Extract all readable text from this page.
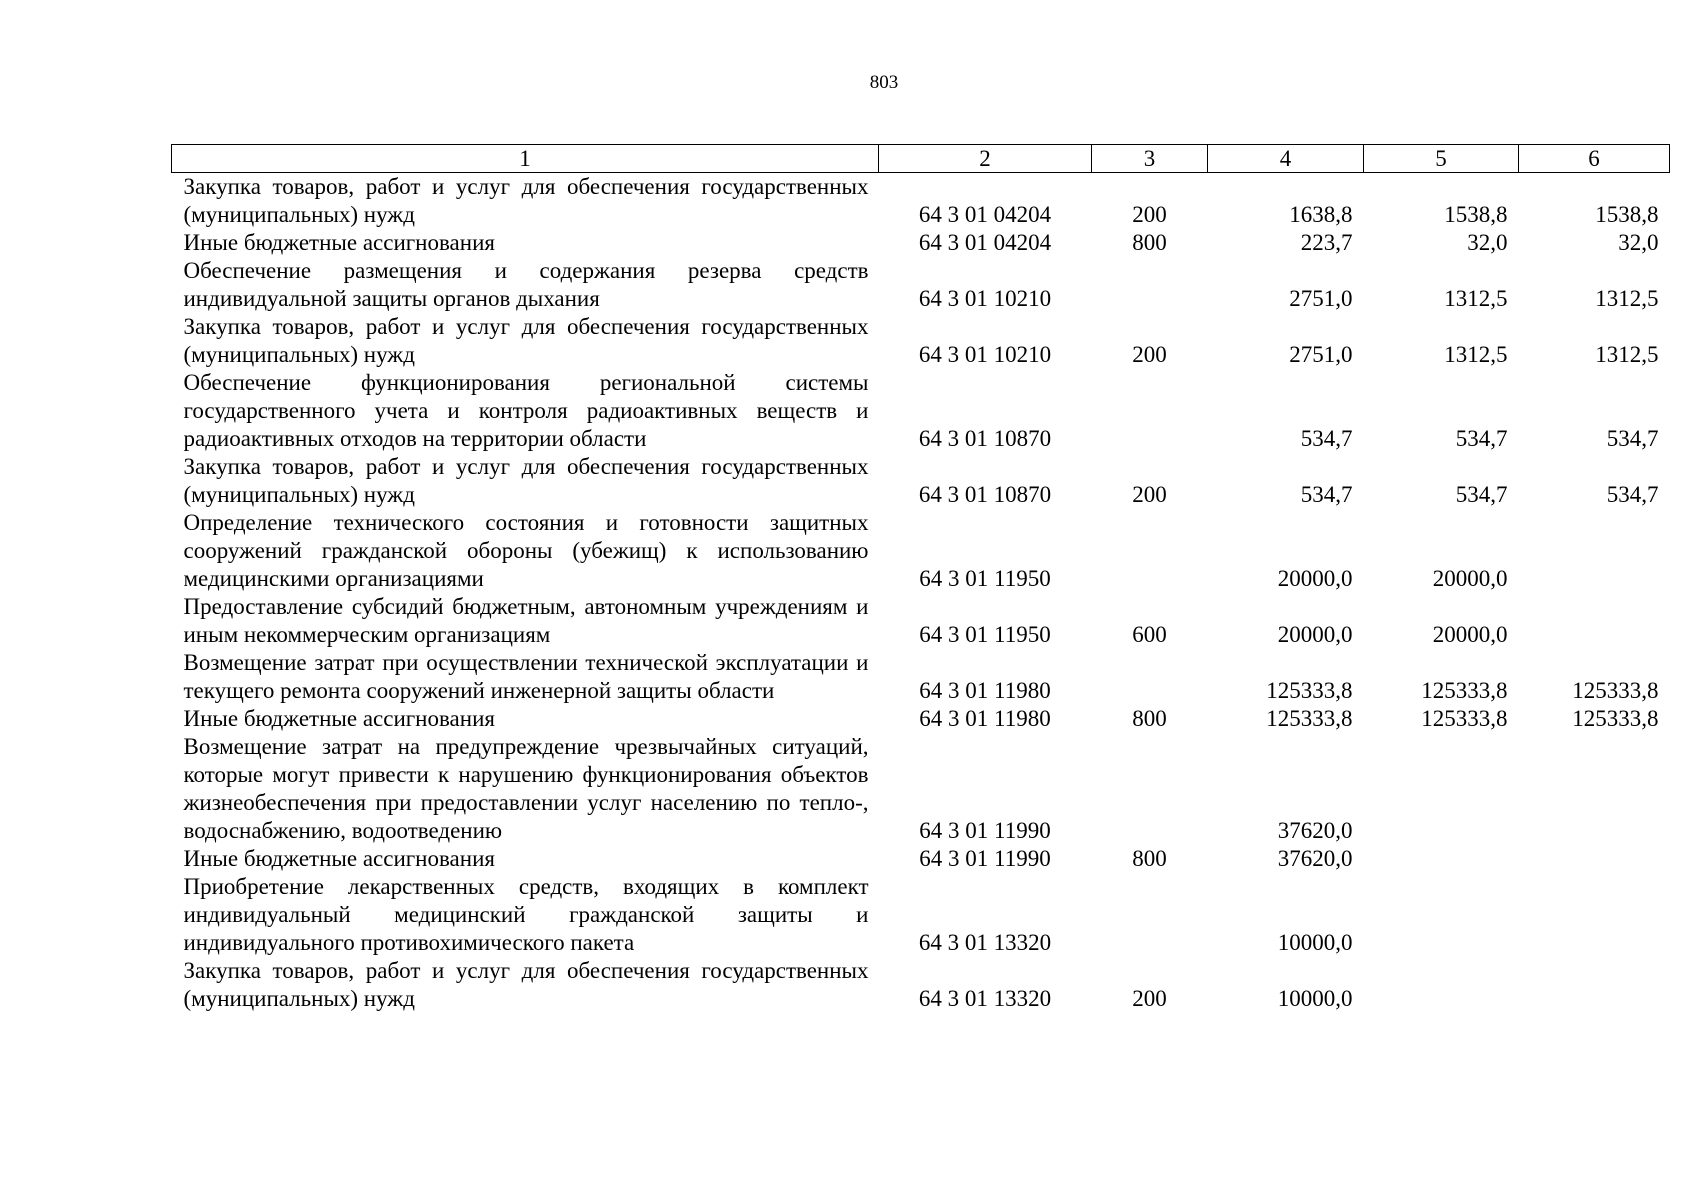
803
1	2	3	4	5	6
Закупка товаров, работ и услуг для обеспечения государственных (муниципальных) нужд	64 3 01 04204	200	1638,8	1538,8	1538,8
Иные бюджетные ассигнования	64 3 01 04204	800	223,7	32,0	32,0
Обеспечение размещения и содержания резерва средств индивидуальной защиты органов дыхания	64 3 01 10210		2751,0	1312,5	1312,5
Закупка товаров, работ и услуг для обеспечения государственных (муниципальных) нужд	64 3 01 10210	200	2751,0	1312,5	1312,5
Обеспечение функционирования региональной системы государственного учета и контроля радиоактивных веществ и радиоактивных отходов на территории области	64 3 01 10870		534,7	534,7	534,7
Закупка товаров, работ и услуг для обеспечения государственных (муниципальных) нужд	64 3 01 10870	200	534,7	534,7	534,7
Определение технического состояния и готовности защитных сооружений гражданской обороны (убежищ) к использованию медицинскими организациями	64 3 01 11950		20000,0	20000,0	
Предоставление субсидий бюджетным, автономным учреждениям и иным некоммерческим организациям	64 3 01 11950	600	20000,0	20000,0	
Возмещение затрат при осуществлении технической эксплуатации и текущего ремонта сооружений инженерной защиты области	64 3 01 11980		125333,8	125333,8	125333,8
Иные бюджетные ассигнования	64 3 01 11980	800	125333,8	125333,8	125333,8
Возмещение затрат на предупреждение чрезвычайных ситуаций, которые могут привести к нарушению функционирования объектов жизнеобеспечения при предоставлении услуг населению по тепло-, водоснабжению, водоотведению	64 3 01 11990		37620,0		
Иные бюджетные ассигнования	64 3 01 11990	800	37620,0		
Приобретение лекарственных средств, входящих в комплект индивидуальный медицинский гражданской защиты и индивидуального противохимического пакета	64 3 01 13320		10000,0		
Закупка товаров, работ и услуг для обеспечения государственных (муниципальных) нужд	64 3 01 13320	200	10000,0		
